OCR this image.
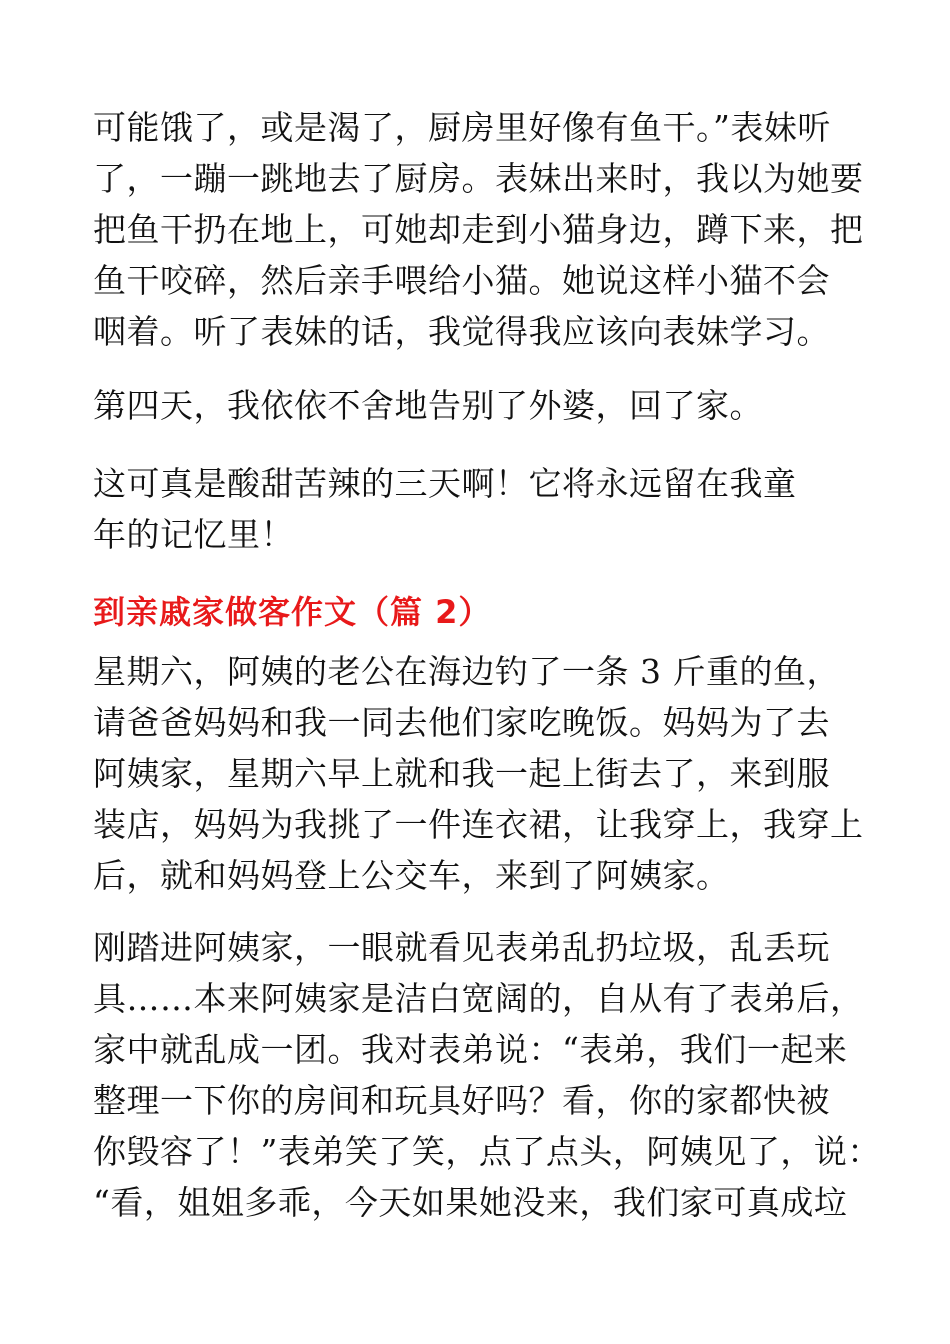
可能饿了，或是渴了，厨房里好像有鱼干。”表妹听
了，一蹦一跳地去了厨房。表妹出来时，我以为她要
把鱼干扔在地上，可她却走到小猫身边，蹲下来，把
鱼干咬碎，然后亲手喂给小猫。她说这样小猫不会
咽着。听了表妹的话，我觉得我应该向表妹学习。
第四天，我依依不舍地告别了外婆，回了家。
这可真是酸甜苦辣的三天啊！它将永远留在我童
年的记忆里！
到亲戚家做客作文（篇 2）
星期六，阿姨的老公在海边钓了一条 3 斤重的鱼，
请爸爸妈妈和我一同去他们家吃晚饭。妈妈为了去
阿姨家，星期六早上就和我一起上街去了，来到服
装店，妈妈为我挑了一件连衣裙，让我穿上，我穿上
后，就和妈妈登上公交车，来到了阿姨家。
刚踏进阿姨家，一眼就看见表弟乱扔垃圾，乱丢玩
具……本来阿姨家是洁白宽阔的，自从有了表弟后，
家中就乱成一团。我对表弟说：“表弟，我们一起来
整理一下你的房间和玩具好吗？看，你的家都快被
你毁容了！”表弟笑了笑，点了点头，阿姨见了，说：
“看，姐姐多乖，今天如果她没来，我们家可真成垃
